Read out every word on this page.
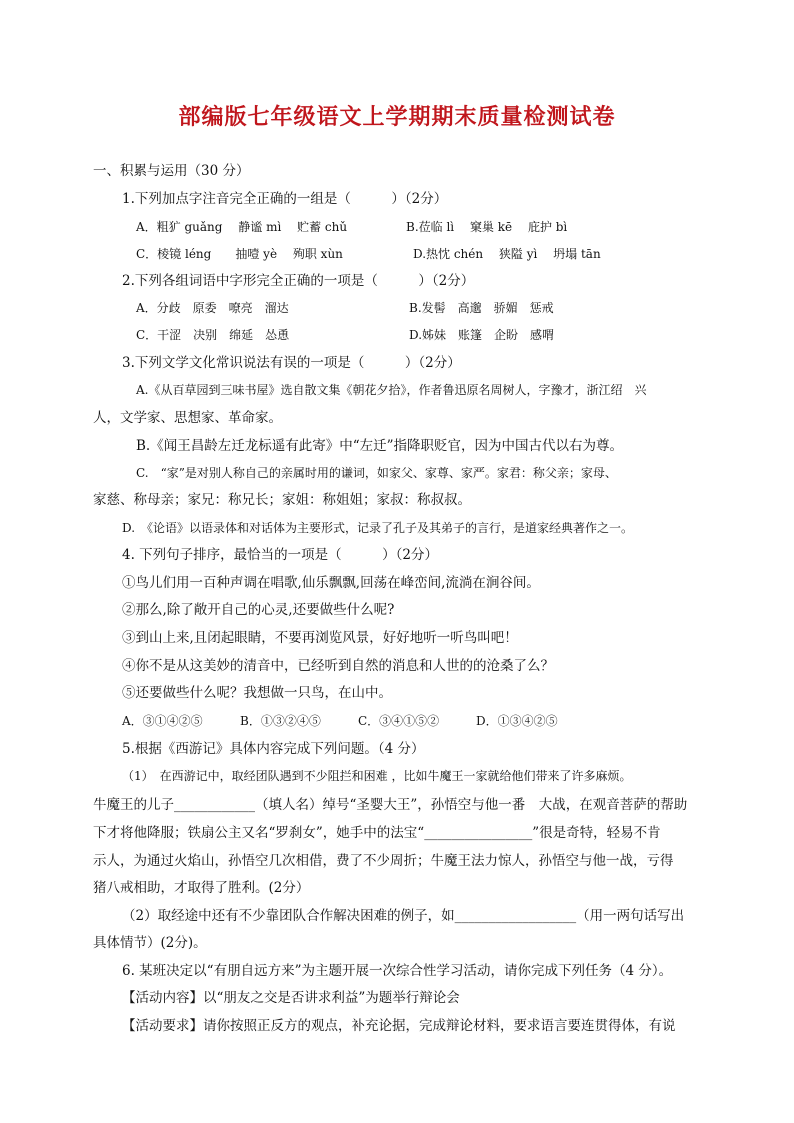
部编版七年级语文上学期期末质量检测试卷
一、积累与运用（30 分）
1.下列加点字注音完全正确的一组是（　　　）（2分）
A．粗犷 guǎng　 静谧 mì　 贮蓄 chǔ	B.莅临 lì　 窠巢 kē　 庇护 bì
C．棱镜 léng　　抽噎 yè　 殉职 xùn	D.热忱 chén　 狭隘 yì　 坍塌 tān
2.下列各组词语中字形完全正确的一项是（　　　）（2分）
A．分歧　原委　嘹亮　溜达	B.发髻　高邈　骄媚　惩戒
C．干涩　决别　绵延　怂恿	D.姊妹　账篷　企盼　感喟
3.下列文学文化常识说法有误的一项是（　　　）（2分）
A.《从百草园到三味书屋》选自散文集《朝花夕拾》，作者鲁迅原名周树人，字豫才，浙江绍　兴
人，文学家、思想家、革命家。
B.《闻王昌龄左迁龙标遥有此寄》中“左迁”指降职贬官，因为中国古代以右为尊。
C.　“家”是对别人称自己的亲属时用的谦词，如家父、家尊、家严。家君：称父亲；家母、
家慈、称母亲；家兄：称兄长；家姐：称姐姐；家叔：称叔叔。
D.　《论语》以语录体和对话体为主要形式，记录了孔子及其弟子的言行，是道家经典著作之一。
4. 下列句子排序，最恰当的一项是（　　　）（2分）
①鸟儿们用一百种声调在唱歌,仙乐飘飘,回荡在峰峦间,流淌在涧谷间。
②那么,除了敞开自己的心灵,还要做些什么呢?
③到山上来,且闭起眼睛，不要再浏览风景，好好地听一听鸟叫吧！
④你不是从这美妙的清音中，已经听到自然的消息和人世的的沧桑了么？
⑤还要做些什么呢？我想做一只鸟，在山中。
A．③①④②⑤	B．①③②④⑤	C．③④①⑤②	D．①③④②⑤
5.根据《西游记》具体内容完成下列问题。（4 分）
（1）　在西游记中，取经团队遇到不少阻拦和困难 ，比如牛魔王一家就给他们带来了许多麻烦。
牛魔王的儿子____________（填人名）绰号“圣婴大王”，孙悟空与他一番　大战，在观音菩萨的帮助
下才将他降服；铁扇公主又名“罗刹女”，她手中的法宝“________________”很是奇特，轻易不肯
示人，为通过火焰山，孙悟空几次相借，费了不少周折；牛魔王法力惊人，孙悟空与他一战，亏得
猪八戒相助，才取得了胜利。(2分）
（2）取经途中还有不少靠团队合作解决困难的例子，如__________________（用一两句话写出
具体情节）(2分)。
6. 某班决定以“有朋自远方来”为主题开展一次综合性学习活动，请你完成下列任务（4 分）。
【活动内容】以“朋友之交是否讲求利益”为题举行辩论会
【活动要求】请你按照正反方的观点，补充论据，完成辩论材料，要求语言要连贯得体，有说
